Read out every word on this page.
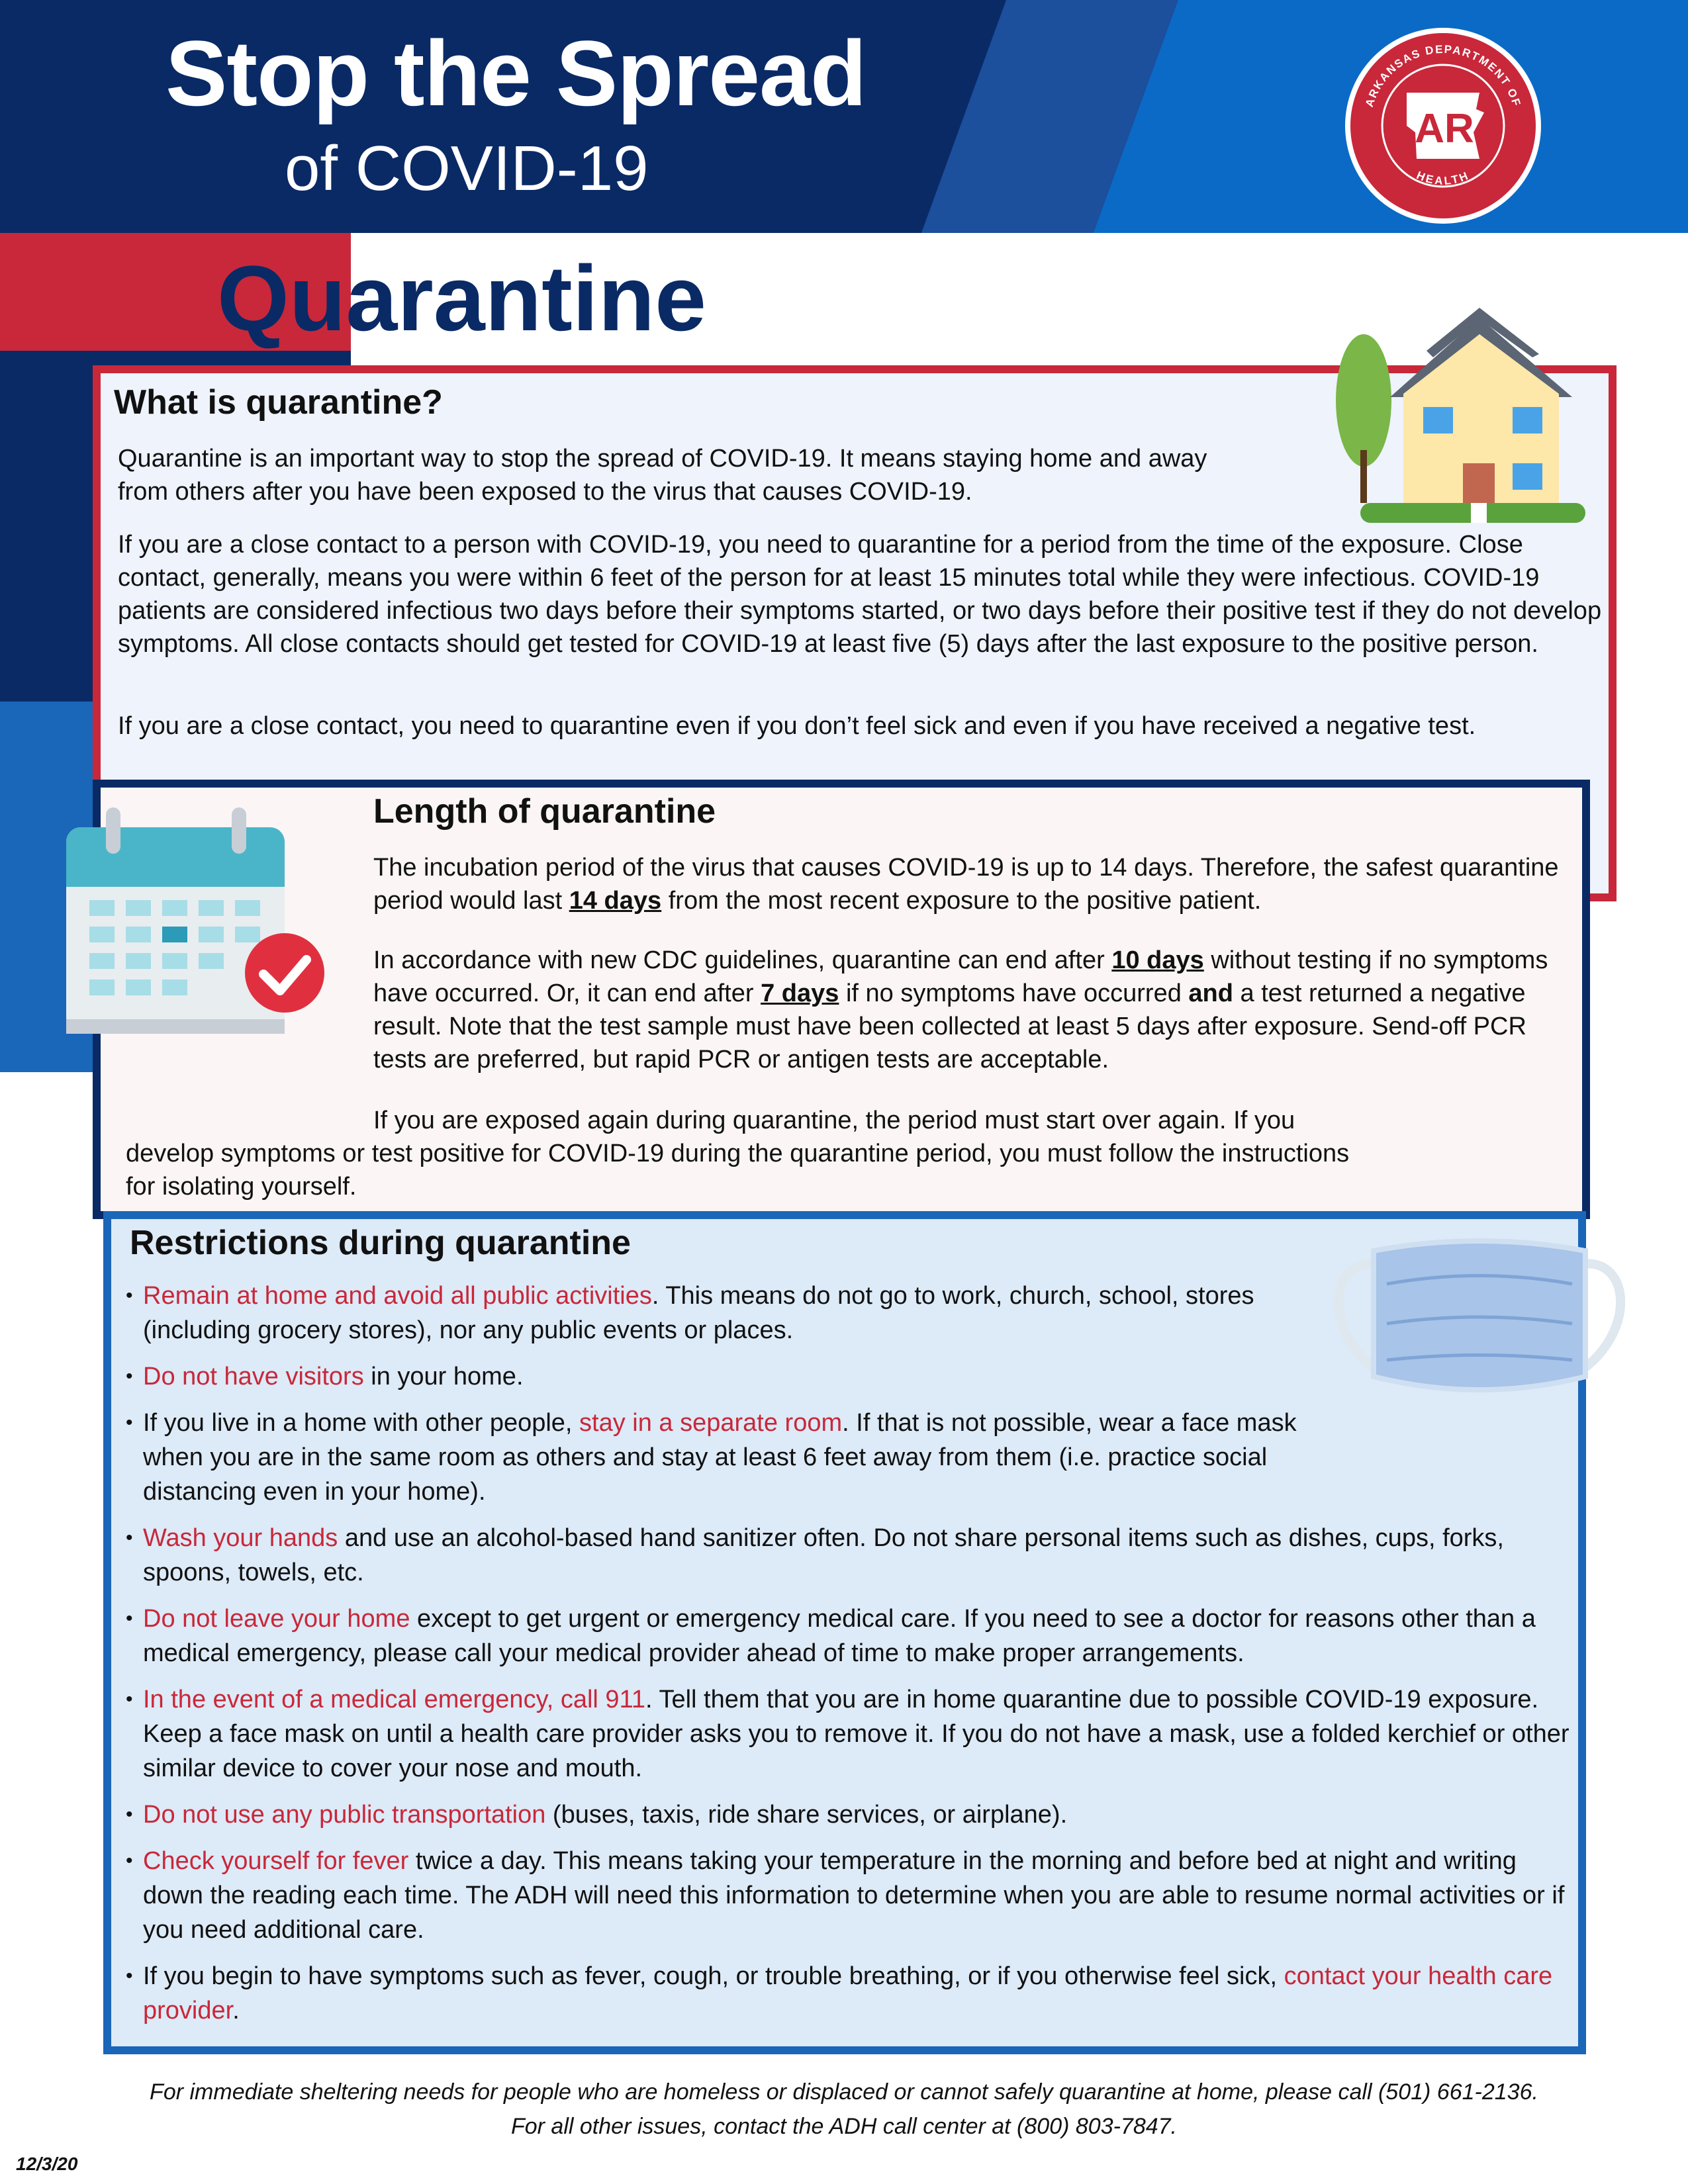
Stop the Spread
of COVID-19
ARKANSAS DEPARTMENT OF
HEALTH
AR
Quarantine
What is quarantine?
Quarantine is an important way to stop the spread of COVID-19. It means staying home and away from others after you have been exposed to the virus that causes COVID-19.
If you are a close contact to a person with COVID-19, you need to quarantine for a period from the time of the exposure. Close contact, generally, means you were within 6 feet of the person for at least 15 minutes total while they were infectious. COVID-19 patients are considered infectious two days before their symptoms started, or two days before their positive test if they do not develop symptoms. All close contacts should get tested for COVID-19 at least five (5) days after the last exposure to the positive person.
If you are a close contact, you need to quarantine even if you don’t feel sick and even if you have received a negative test.
Length of quarantine
The incubation period of the virus that causes COVID-19 is up to 14 days. Therefore, the safest quarantine period would last 14 days from the most recent exposure to the positive patient.
In accordance with new CDC guidelines, quarantine can end after 10 days without testing if no symptoms have occurred. Or, it can end after 7 days if no symptoms have occurred and a test returned a negative result. Note that the test sample must have been collected at least 5 days after exposure. Send-off PCR tests are preferred, but rapid PCR or antigen tests are acceptable.
If you are exposed again during quarantine, the period must start over again. If you develop symptoms or test positive for COVID-19 during the quarantine period, you must follow the instructions for isolating yourself.
Restrictions during quarantine
• Remain at home and avoid all public activities. This means do not go to work, church, school, stores (including grocery stores), nor any public events or places.
• Do not have visitors in your home.
• If you live in a home with other people, stay in a separate room. If that is not possible, wear a face mask when you are in the same room as others and stay at least 6 feet away from them (i.e. practice social distancing even in your home).
• Wash your hands and use an alcohol-based hand sanitizer often. Do not share personal items such as dishes, cups, forks, spoons, towels, etc.
• Do not leave your home except to get urgent or emergency medical care. If you need to see a doctor for reasons other than a medical emergency, please call your medical provider ahead of time to make proper arrangements.
• In the event of a medical emergency, call 911. Tell them that you are in home quarantine due to possible COVID-19 exposure. Keep a face mask on until a health care provider asks you to remove it. If you do not have a mask, use a folded kerchief or other similar device to cover your nose and mouth.
• Do not use any public transportation (buses, taxis, ride share services, or airplane).
• Check yourself for fever twice a day. This means taking your temperature in the morning and before bed at night and writing down the reading each time. The ADH will need this information to determine when you are able to resume normal activities or if you need additional care.
• If you begin to have symptoms such as fever, cough, or trouble breathing, or if you otherwise feel sick, contact your health care provider.
For immediate sheltering needs for people who are homeless or displaced or cannot safely quarantine at home, please call (501) 661-2136.
For all other issues, contact the ADH call center at (800) 803-7847.
12/3/20
